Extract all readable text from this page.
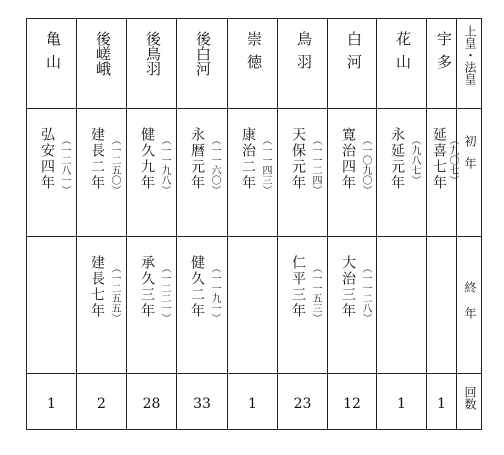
亀山
弘安四年 （一二八一）
1
後嵯峨
建長二年 （一二五〇）
建長七年 （一二五五）
2
後鳥羽
健久九年 （一一九八）
承久三年 （一二二一）
28
後白河
永暦元年 （一一六〇）
健久二年 （一一九一）
33
崇徳
康治二年 （一一四三）
1
鳥羽
天保元年 （一一二四）
仁平三年 （一一五三）
23
白河
寛治四年 （一〇九〇）
大治三年 （一一二八）
12
花山
永延元年 （九八七）
1
宇多
延喜七年 （九〇七）
1
上皇・法皇
初年
終年
回数
